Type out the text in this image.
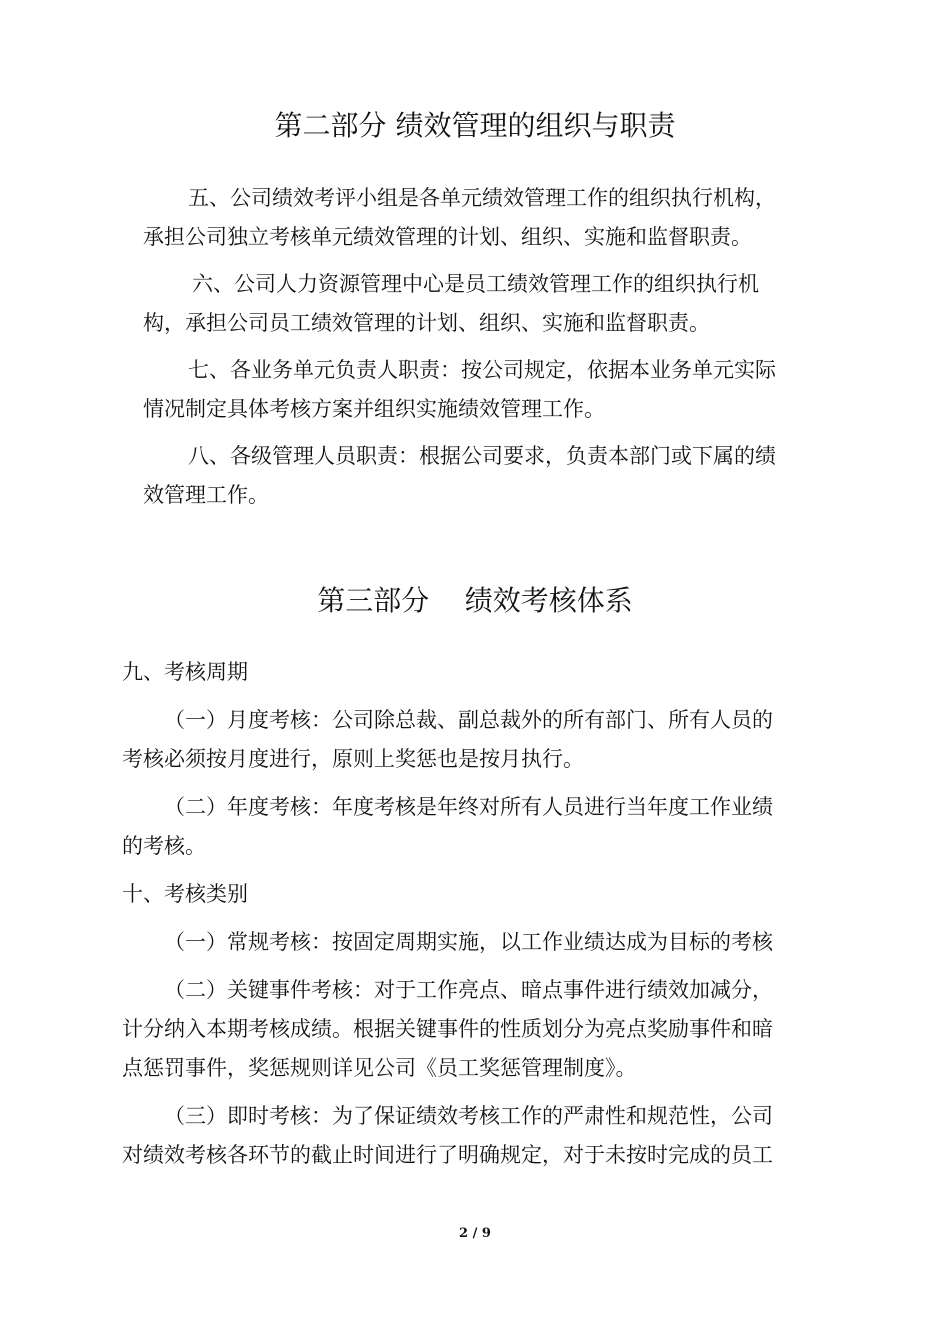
第二部分 绩效管理的组织与职责
五、公司绩效考评小组是各单元绩效管理工作的组织执行机构，
承担公司独立考核单元绩效管理的计划、组织、实施和监督职责。
六、公司人力资源管理中心是员工绩效管理工作的组织执行机
构，承担公司员工绩效管理的计划、组织、实施和监督职责。
七、各业务单元负责人职责：按公司规定，依据本业务单元实际
情况制定具体考核方案并组织实施绩效管理工作。
八、各级管理人员职责：根据公司要求，负责本部门或下属的绩
效管理工作。
第三部分    绩效考核体系
九、考核周期
（一）月度考核：公司除总裁、副总裁外的所有部门、所有人员的
考核必须按月度进行，原则上奖惩也是按月执行。
（二）年度考核：年度考核是年终对所有人员进行当年度工作业绩
的考核。
十、考核类别
（一）常规考核：按固定周期实施，以工作业绩达成为目标的考核
（二）关键事件考核：对于工作亮点、暗点事件进行绩效加减分，
计分纳入本期考核成绩。根据关键事件的性质划分为亮点奖励事件和暗
点惩罚事件，奖惩规则详见公司《员工奖惩管理制度》。
（三）即时考核：为了保证绩效考核工作的严肃性和规范性，公司
对绩效考核各环节的截止时间进行了明确规定，对于未按时完成的员工
2 / 9
